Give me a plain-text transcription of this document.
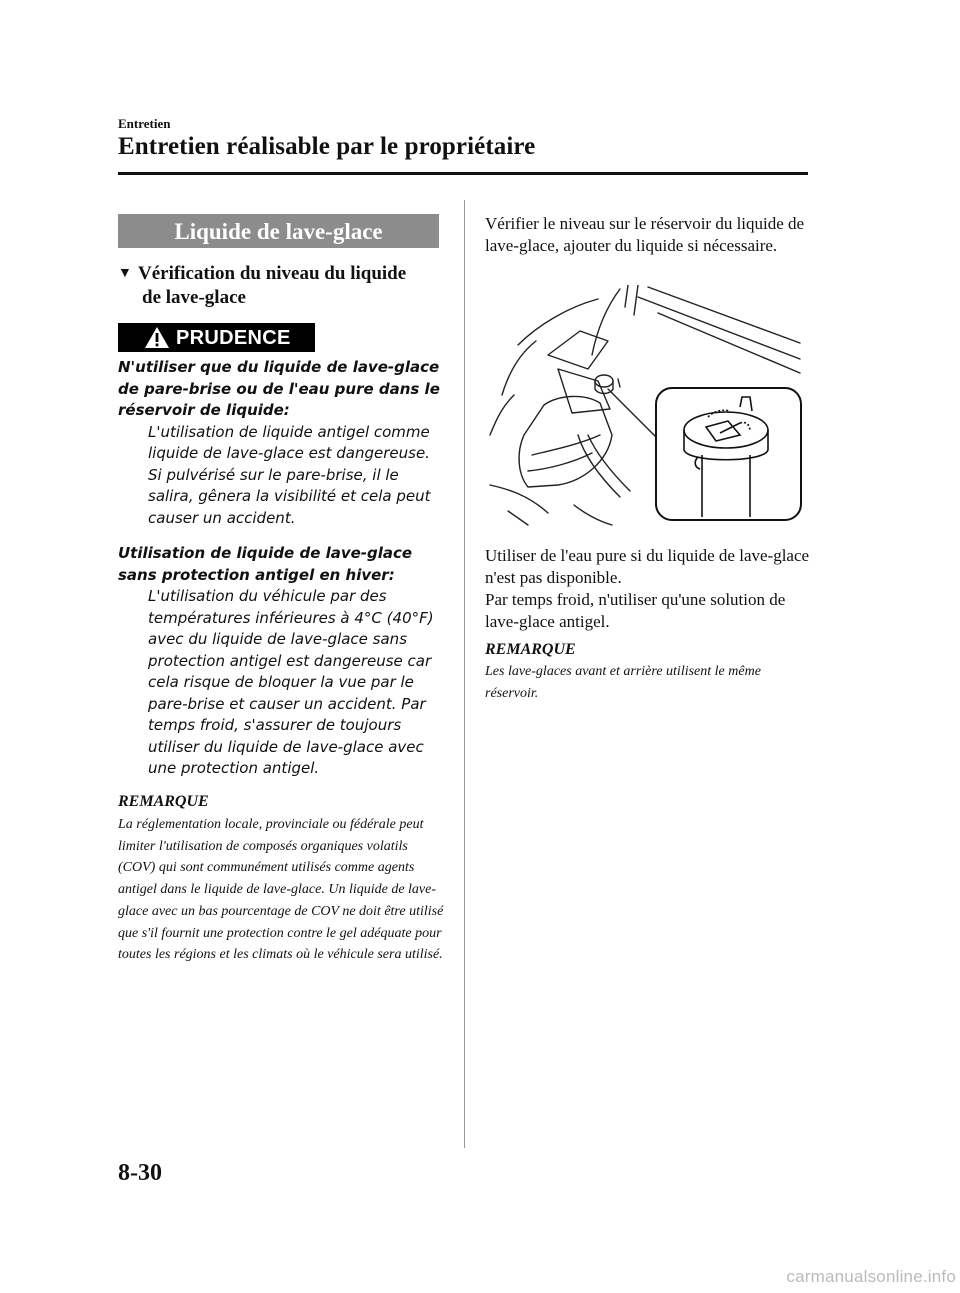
Entretien
Entretien réalisable par le propriétaire
Liquide de lave-glace
▼ Vérification du niveau du liquide
de lave-glace
PRUDENCE
N'utiliser que du liquide de lave-glace de pare-brise ou de l'eau pure dans le réservoir de liquide:
L'utilisation de liquide antigel comme liquide de lave-glace est dangereuse. Si pulvérisé sur le pare-brise, il le salira, gênera la visibilité et cela peut causer un accident.
Utilisation de liquide de lave-glace sans protection antigel en hiver:
L'utilisation du véhicule par des températures inférieures à 4°C (40°F) avec du liquide de lave-glace sans protection antigel est dangereuse car cela risque de bloquer la vue par le pare-brise et causer un accident. Par temps froid, s'assurer de toujours utiliser du liquide de lave-glace avec une protection antigel.
REMARQUE
La réglementation locale, provinciale ou fédérale peut limiter l'utilisation de composés organiques volatils (COV) qui sont communément utilisés comme agents antigel dans le liquide de lave-glace. Un liquide de lave-glace avec un bas pourcentage de COV ne doit être utilisé que s'il fournit une protection contre le gel adéquate pour toutes les régions et les climats où le véhicule sera utilisé.
Vérifier le niveau sur le réservoir du liquide de lave-glace, ajouter du liquide si nécessaire.
Utiliser de l'eau pure si du liquide de lave-glace n'est pas disponible.
Par temps froid, n'utiliser qu'une solution de lave-glace antigel.
REMARQUE
Les lave-glaces avant et arrière utilisent le même réservoir.
8-30
carmanualsonline.info
